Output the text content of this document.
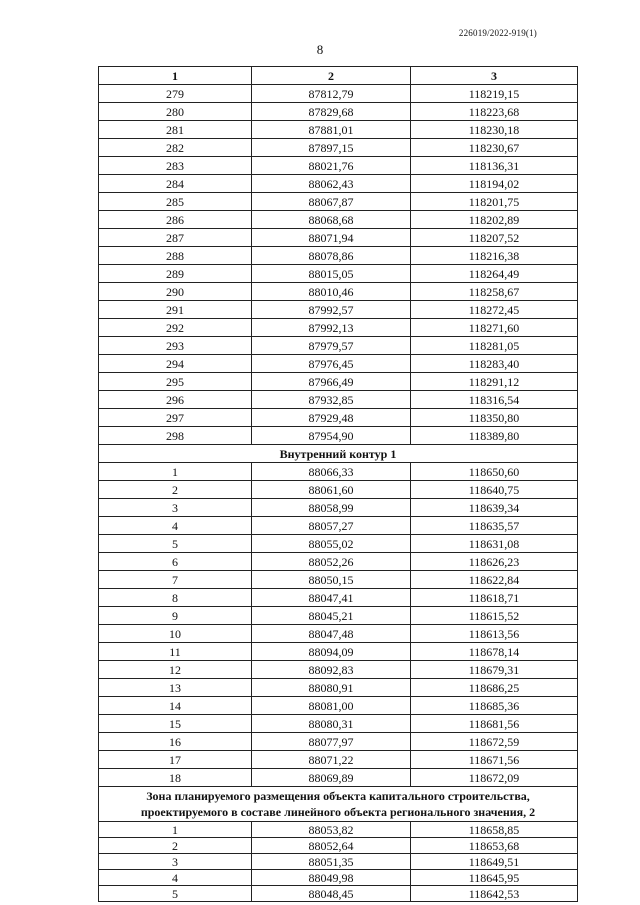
226019/2022-919(1)
8
1	2	3
279	87812,79	118219,15
280	87829,68	118223,68
281	87881,01	118230,18
282	87897,15	118230,67
283	88021,76	118136,31
284	88062,43	118194,02
285	88067,87	118201,75
286	88068,68	118202,89
287	88071,94	118207,52
288	88078,86	118216,38
289	88015,05	118264,49
290	88010,46	118258,67
291	87992,57	118272,45
292	87992,13	118271,60
293	87979,57	118281,05
294	87976,45	118283,40
295	87966,49	118291,12
296	87932,85	118316,54
297	87929,48	118350,80
298	87954,90	118389,80
Внутренний контур 1		
1	88066,33	118650,60
2	88061,60	118640,75
3	88058,99	118639,34
4	88057,27	118635,57
5	88055,02	118631,08
6	88052,26	118626,23
7	88050,15	118622,84
8	88047,41	118618,71
9	88045,21	118615,52
10	88047,48	118613,56
11	88094,09	118678,14
12	88092,83	118679,31
13	88080,91	118686,25
14	88081,00	118685,36
15	88080,31	118681,56
16	88077,97	118672,59
17	88071,22	118671,56
18	88069,89	118672,09
Зона планируемого размещения объекта капитального строительства,
проектируемого в составе линейного объекта регионального значения, 2		
1	88053,82	118658,85
2	88052,64	118653,68
3	88051,35	118649,51
4	88049,98	118645,95
5	88048,45	118642,53
